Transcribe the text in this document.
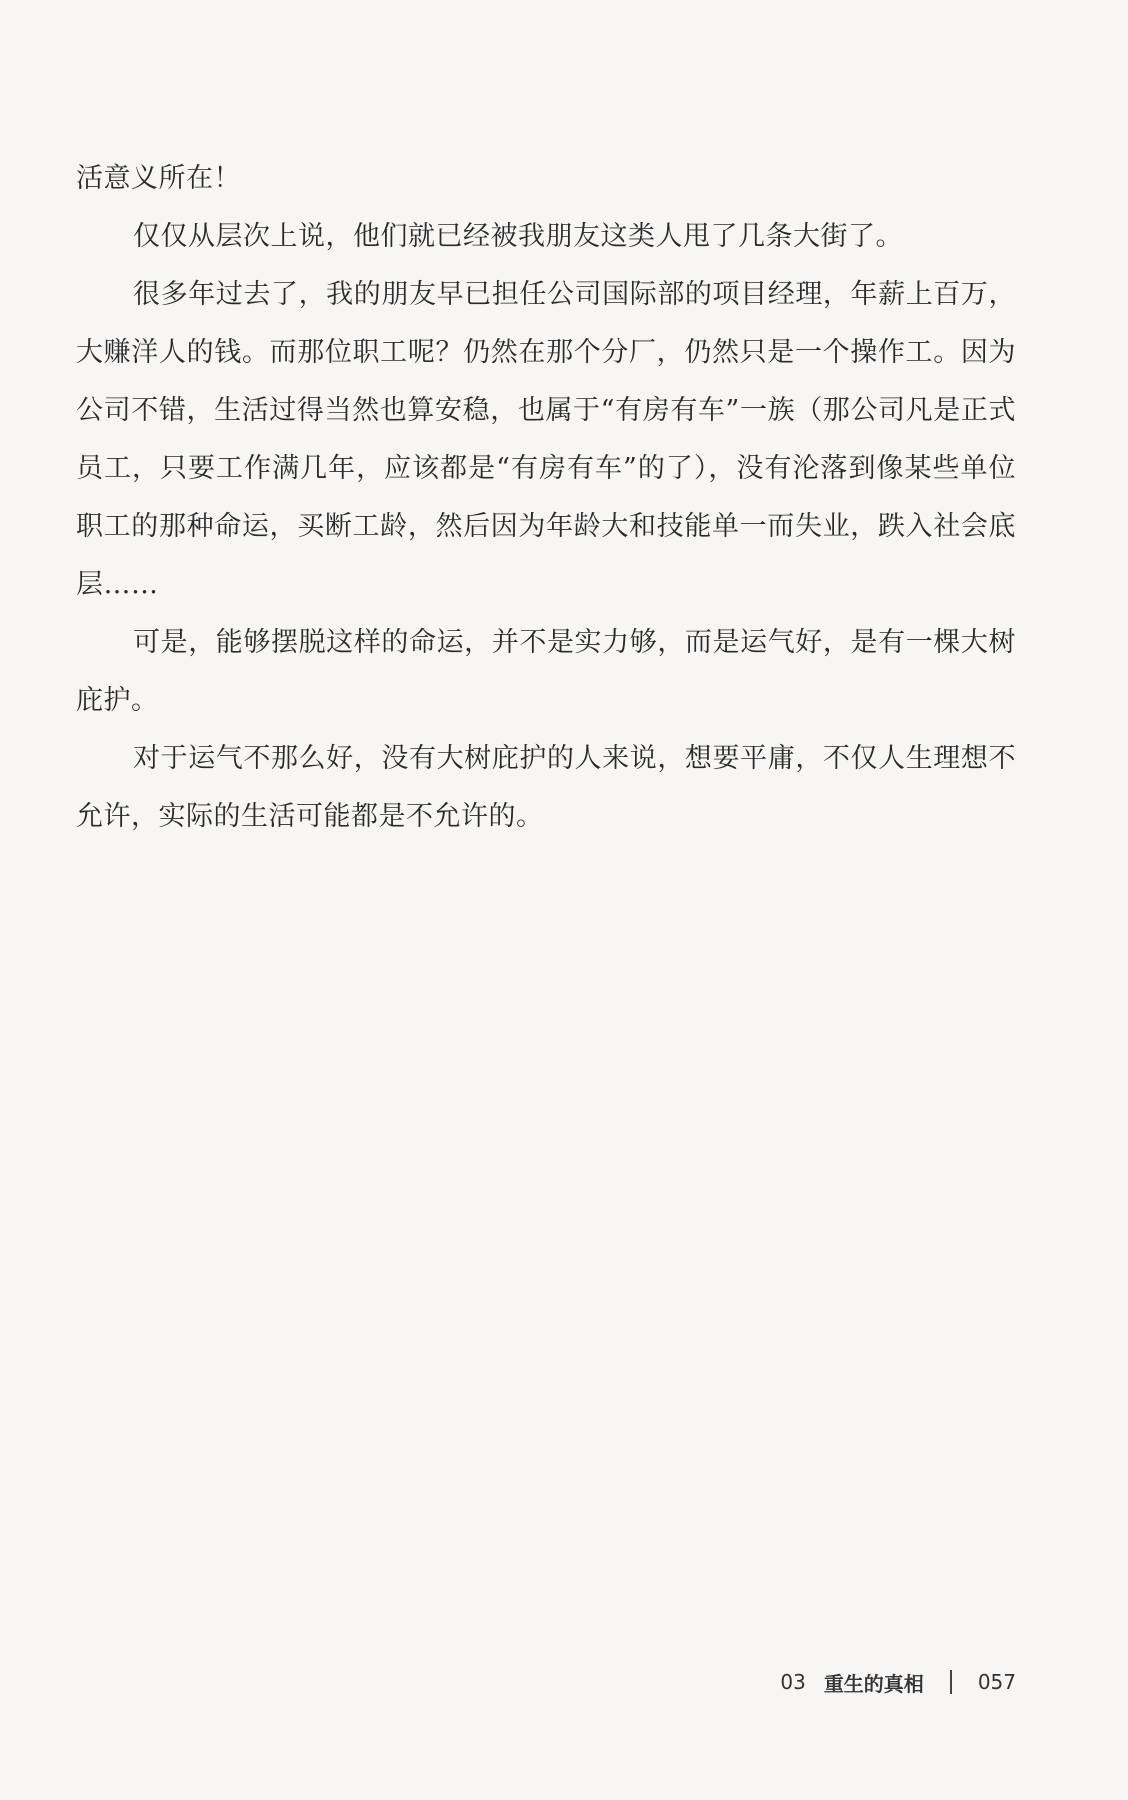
活意义所在！

仅仅从层次上说，他们就已经被我朋友这类人甩了几条大街了。

很多年过去了，我的朋友早已担任公司国际部的项目经理，年薪上百万，大赚洋人的钱。而那位职工呢？仍然在那个分厂，仍然只是一个操作工。因为公司不错，生活过得当然也算安稳，也属于“有房有车”一族（那公司凡是正式员工，只要工作满几年，应该都是“有房有车”的了），没有沦落到像某些单位职工的那种命运，买断工龄，然后因为年龄大和技能单一而失业，跌入社会底层……

可是，能够摆脱这样的命运，并不是实力够，而是运气好，是有一棵大树庇护。

对于运气不那么好，没有大树庇护的人来说，想要平庸，不仅人生理想不允许，实际的生活可能都是不允许的。

03 重生的真相	057
